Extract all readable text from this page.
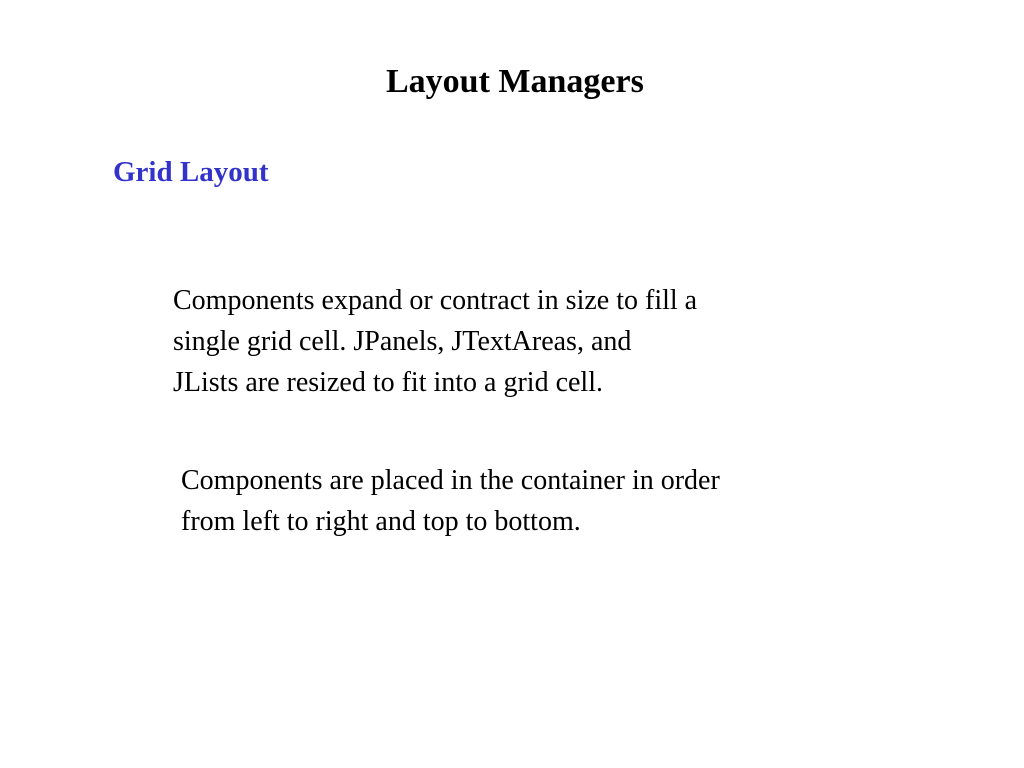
Layout Managers
Grid Layout
Components expand or contract in size to fill a
single grid cell. JPanels, JTextAreas, and
JLists are resized to fit into a grid cell.
Components are placed in the container in order
from left to right and top to bottom.
